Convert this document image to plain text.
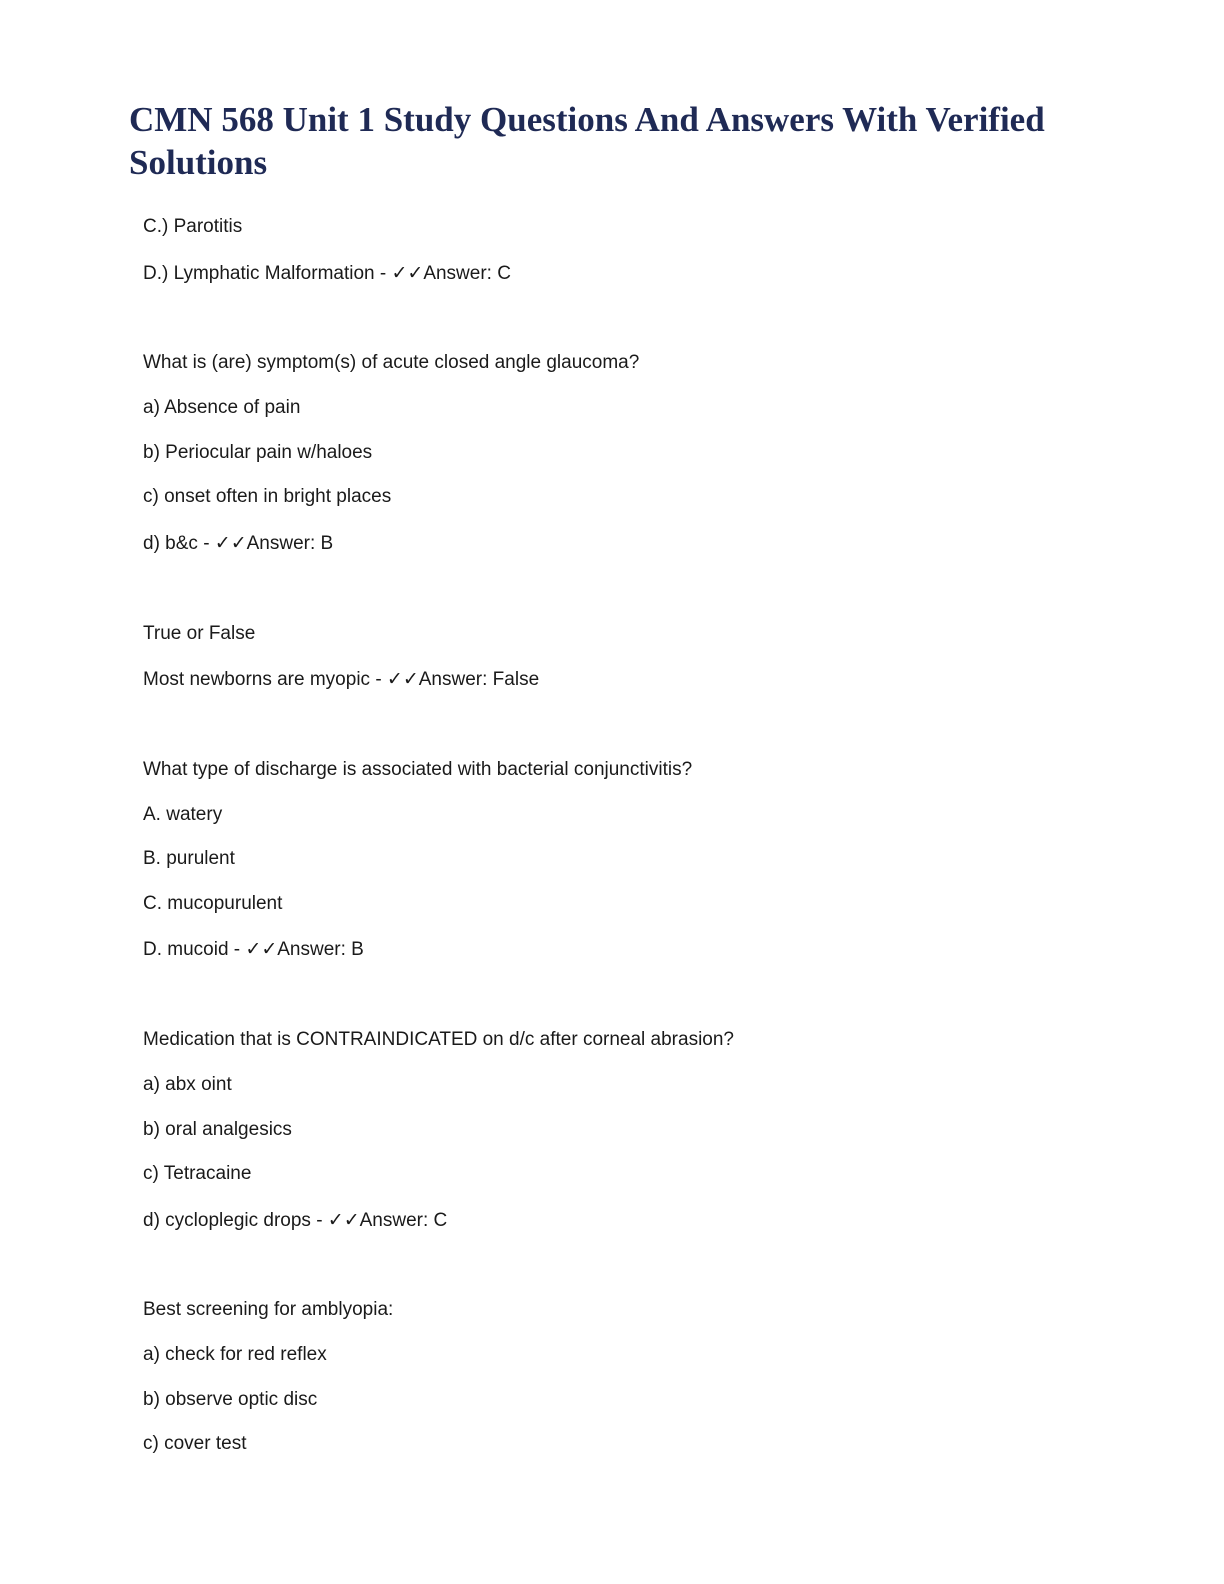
CMN 568 Unit 1 Study Questions And Answers With Verified Solutions
C.) Parotitis
D.) Lymphatic Malformation - ✓✓Answer: C
What is (are) symptom(s) of acute closed angle glaucoma?
a) Absence of pain
b) Periocular pain w/haloes
c) onset often in bright places
d) b&c - ✓✓Answer: B
True or False
Most newborns are myopic - ✓✓Answer: False
What type of discharge is associated with bacterial conjunctivitis?
A. watery
B. purulent
C. mucopurulent
D. mucoid - ✓✓Answer: B
Medication that is CONTRAINDICATED on d/c after corneal abrasion?
a) abx oint
b) oral analgesics
c) Tetracaine
d) cycloplegic drops - ✓✓Answer: C
Best screening for amblyopia:
a) check for red reflex
b) observe optic disc
c) cover test
